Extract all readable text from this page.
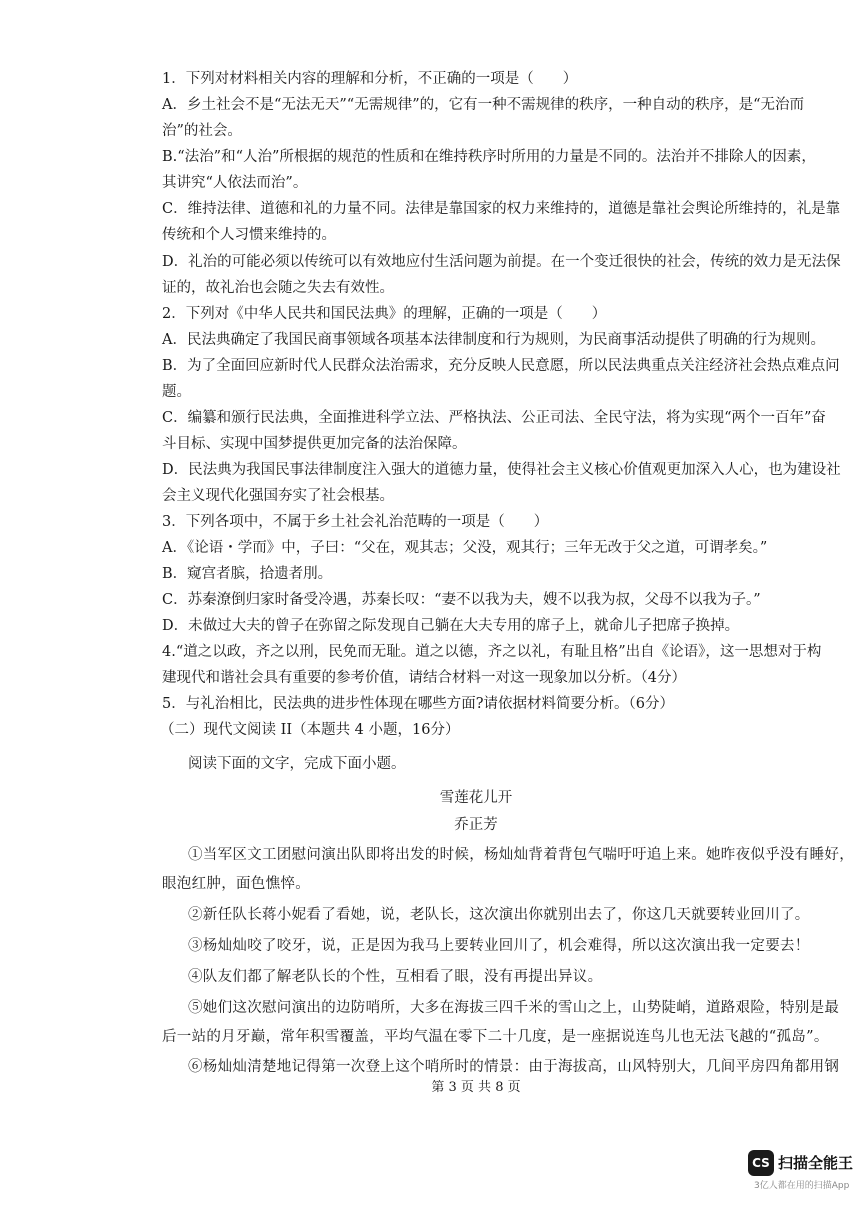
1．下列对材料相关内容的理解和分析，不正确的一项是（　　）
A．乡土社会不是“无法无天”“无需规律”的，它有一种不需规律的秩序，一种自动的秩序，是“无治而
治”的社会。
B.“法治”和“人治”所根据的规范的性质和在维持秩序时所用的力量是不同的。法治并不排除人的因素，
其讲究“人依法而治”。
C．维持法律、道德和礼的力量不同。法律是靠国家的权力来维持的，道德是靠社会舆论所维持的，礼是靠
传统和个人习惯来维持的。
D．礼治的可能必须以传统可以有效地应付生活问题为前提。在一个变迁很快的社会，传统的效力是无法保
证的，故礼治也会随之失去有效性。
2．下列对《中华人民共和国民法典》的理解，正确的一项是（　　）
A．民法典确定了我国民商事领域各项基本法律制度和行为规则，为民商事活动提供了明确的行为规则。
B．为了全面回应新时代人民群众法治需求，充分反映人民意愿，所以民法典重点关注经济社会热点难点问
题。
C．编纂和颁行民法典，全面推进科学立法、严格执法、公正司法、全民守法，将为实现“两个一百年”奋
斗目标、实现中国梦提供更加完备的法治保障。
D．民法典为我国民事法律制度注入强大的道德力量，使得社会主义核心价值观更加深入人心，也为建设社
会主义现代化强国夯实了社会根基。
3．下列各项中，不属于乡土社会礼治范畴的一项是（　　）
A．《论语・学而》中，子曰：“父在，观其志；父没，观其行；三年无改于父之道，可谓孝矣。”
B．窥宫者膑，拾遗者刖。
C．苏秦潦倒归家时备受冷遇，苏秦长叹：“妻不以我为夫，嫂不以我为叔，父母不以我为子。”
D．未做过大夫的曾子在弥留之际发现自己躺在大夫专用的席子上，就命儿子把席子换掉。
4.“道之以政，齐之以刑，民免而无耻。道之以德，齐之以礼，有耻且格”出自《论语》，这一思想对于构
建现代和谐社会具有重要的参考价值，请结合材料一对这一现象加以分析。（4分）
5．与礼治相比，民法典的进步性体现在哪些方面?请依据材料简要分析。（6分）
（二）现代文阅读 II（本题共 4 小题，16分）
阅读下面的文字，完成下面小题。
雪莲花儿开
乔正芳
①当军区文工团慰问演出队即将出发的时候，杨灿灿背着背包气喘吁吁追上来。她昨夜似乎没有睡好，
眼泡红肿，面色憔悴。
②新任队长蒋小妮看了看她，说，老队长，这次演出你就别出去了，你这几天就要转业回川了。
③杨灿灿咬了咬牙，说，正是因为我马上要转业回川了，机会难得，所以这次演出我一定要去！
④队友们都了解老队长的个性，互相看了眼，没有再提出异议。
⑤她们这次慰问演出的边防哨所，大多在海拔三四千米的雪山之上，山势陡峭，道路艰险，特别是最
后一站的月牙巅，常年积雪覆盖，平均气温在零下二十几度，是一座据说连鸟儿也无法飞越的“孤岛”。
⑥杨灿灿清楚地记得第一次登上这个哨所时的情景：由于海拔高，山风特别大，几间平房四角都用钢
第 3 页 共 8 页
CS 扫描全能王
3亿人都在用的扫描App
